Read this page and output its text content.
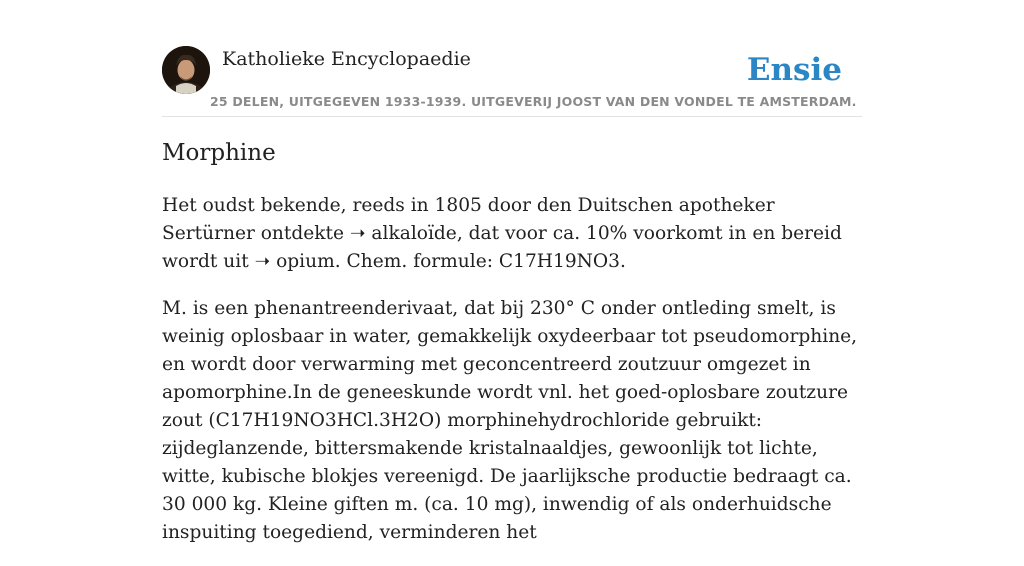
Katholieke Encyclopaedie
25 DELEN, UITGEGEVEN 1933-1939. UITGEVERIJ JOOST VAN DEN VONDEL TE AMSTERDAM.
Ensie
Morphine

Het oudst bekende, reeds in 1805 door den Duitschen apotheker Sertürner ontdekte ➝ alkaloïde, dat voor ca. 10% voorkomt in en bereid wordt uit ➝ opium. Chem. formule: C17H19NO3.

M. is een phenantreenderivaat, dat bij 230° C onder ontleding smelt, is weinig oplosbaar in water, gemakkelijk oxydeerbaar tot pseudomorphine, en wordt door verwarming met geconcentreerd zoutzuur omgezet in apomorphine.In de geneeskunde wordt vnl. het goed-oplosbare zoutzure zout (C17H19NO3HCl.3H2O) morphinehydrochloride gebruikt: zijdeglanzende, bittersmakende kristalnaaldjes, gewoonlijk tot lichte, witte, kubische blokjes vereenigd. De jaarlijksche productie bedraagt ca. 30 000 kg. Kleine giften m. (ca. 10 mg), inwendig of als onderhuidsche inspuiting toegediend, verminderen het
